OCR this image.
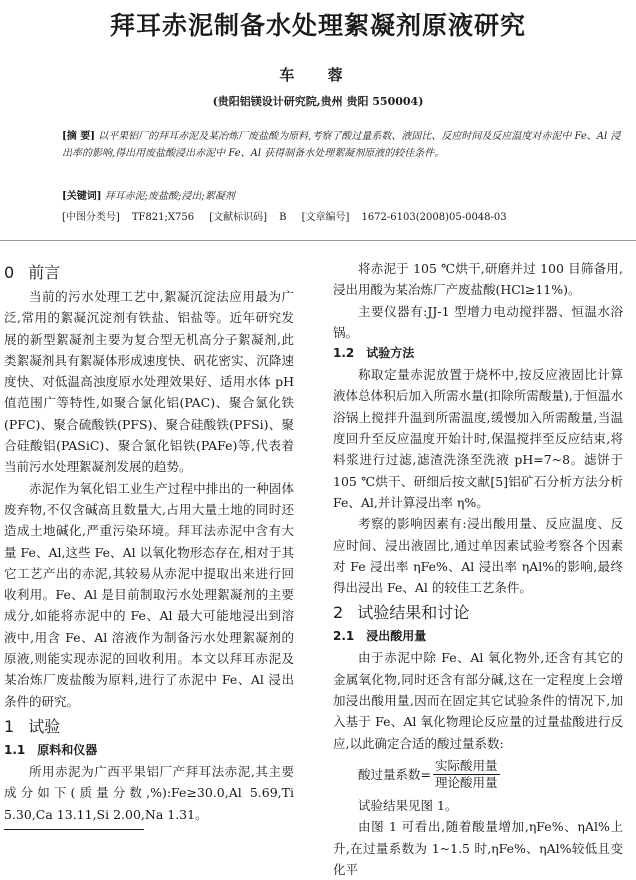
拜耳赤泥制备水处理絮凝剂原液研究
车 蓉
(贵阳铝镁设计研究院,贵州 贵阳 550004)
[摘 要] 以平果铝厂的拜耳赤泥及某冶炼厂废盐酸为原料,考察了酸过量系数、液固比、反应时间及反应温度对赤泥中 Fe、Al 浸出率的影响,得出用废盐酸浸出赤泥中 Fe、Al 获得制备水处理絮凝剂原液的较佳条件。
[关键词] 拜耳赤泥;废盐酸;浸出;絮凝剂
[中图分类号] TF821;X756 [文献标识码] B [文章编号] 1672-6103(2008)05-0048-03
0 前言

当前的污水处理工艺中,絮凝沉淀法应用最为广泛,常用的絮凝沉淀剂有铁盐、铝盐等。近年研究发展的新型絮凝剂主要为复合型无机高分子絮凝剂,此类絮凝剂具有絮凝体形成速度快、矾花密实、沉降速度快、对低温高浊度原水处理效果好、适用水体 pH 值范围广等特性,如聚合氯化铝(PAC)、聚合氯化铁(PFC)、聚合硫酸铁(PFS)、聚合硅酸铁(PFSi)、聚合硅酸铝(PASiC)、聚合氯化铝铁(PAFe)等,代表着当前污水处理絮凝剂发展的趋势。

赤泥作为氧化铝工业生产过程中排出的一种固体废弃物,不仅含碱高且数量大,占用大量土地的同时还造成土地碱化,严重污染环境。拜耳法赤泥中含有大量 Fe、Al,这些 Fe、Al 以氧化物形态存在,相对于其它工艺产出的赤泥,其较易从赤泥中提取出来进行回收利用。Fe、Al 是目前制取污水处理絮凝剂的主要成分,如能将赤泥中的 Fe、Al 最大可能地浸出到溶液中,用含 Fe、Al 溶液作为制备污水处理絮凝剂的原液,则能实现赤泥的回收利用。本文以拜耳赤泥及某冶炼厂废盐酸为原料,进行了赤泥中 Fe、Al 浸出条件的研究。

1 试验
1.1 原料和仪器

所用赤泥为广西平果铝厂产拜耳法赤泥,其主要成分如下(质量分数,%):Fe≥30.0,Al 5.69,Ti 5.30,Ca 13.11,Si 2.00,Na 1.31。

将赤泥于 105 ℃烘干,研磨并过 100 目筛备用,浸出用酸为某冶炼厂产废盐酸(HCl≥11%)。

主要仪器有:JJ-1 型增力电动搅拌器、恒温水浴锅。

1.2 试验方法

称取定量赤泥放置于烧杯中,按反应液固比计算液体总体积后加入所需水量(扣除所需酸量),于恒温水浴锅上搅拌升温到所需温度,缓慢加入所需酸量,当温度回升至反应温度开始计时,保温搅拌至反应结束,将料浆进行过滤,滤渣洗涤至洗液 pH=7~8。滤饼于 105 ℃烘干、研细后按文献[5]铝矿石分析方法分析 Fe、Al,并计算浸出率 η%。

考察的影响因素有:浸出酸用量、反应温度、反应时间、浸出液固比,通过单因素试验考察各个因素对 Fe 浸出率 ηFe%、Al 浸出率 ηAl%的影响,最终得出浸出 Fe、Al 的较佳工艺条件。

2 试验结果和讨论
2.1 浸出酸用量

由于赤泥中除 Fe、Al 氧化物外,还含有其它的金属氧化物,同时还含有部分碱,这在一定程度上会增加浸出酸用量,因而在固定其它试验条件的情况下,加入基于 Fe、Al 氧化物理论反应量的过量盐酸进行反应,以此确定合适的酸过量系数:

酸过量系数= $\frac{\text{实际酸用量}}{\text{理论酸用量}}$

试验结果见图 1。

由图 1 可看出,随着酸量增加,ηFe%、ηAl%上升,在过量系数为 1~1.5 时,ηFe%、ηAl%较低且变化平
